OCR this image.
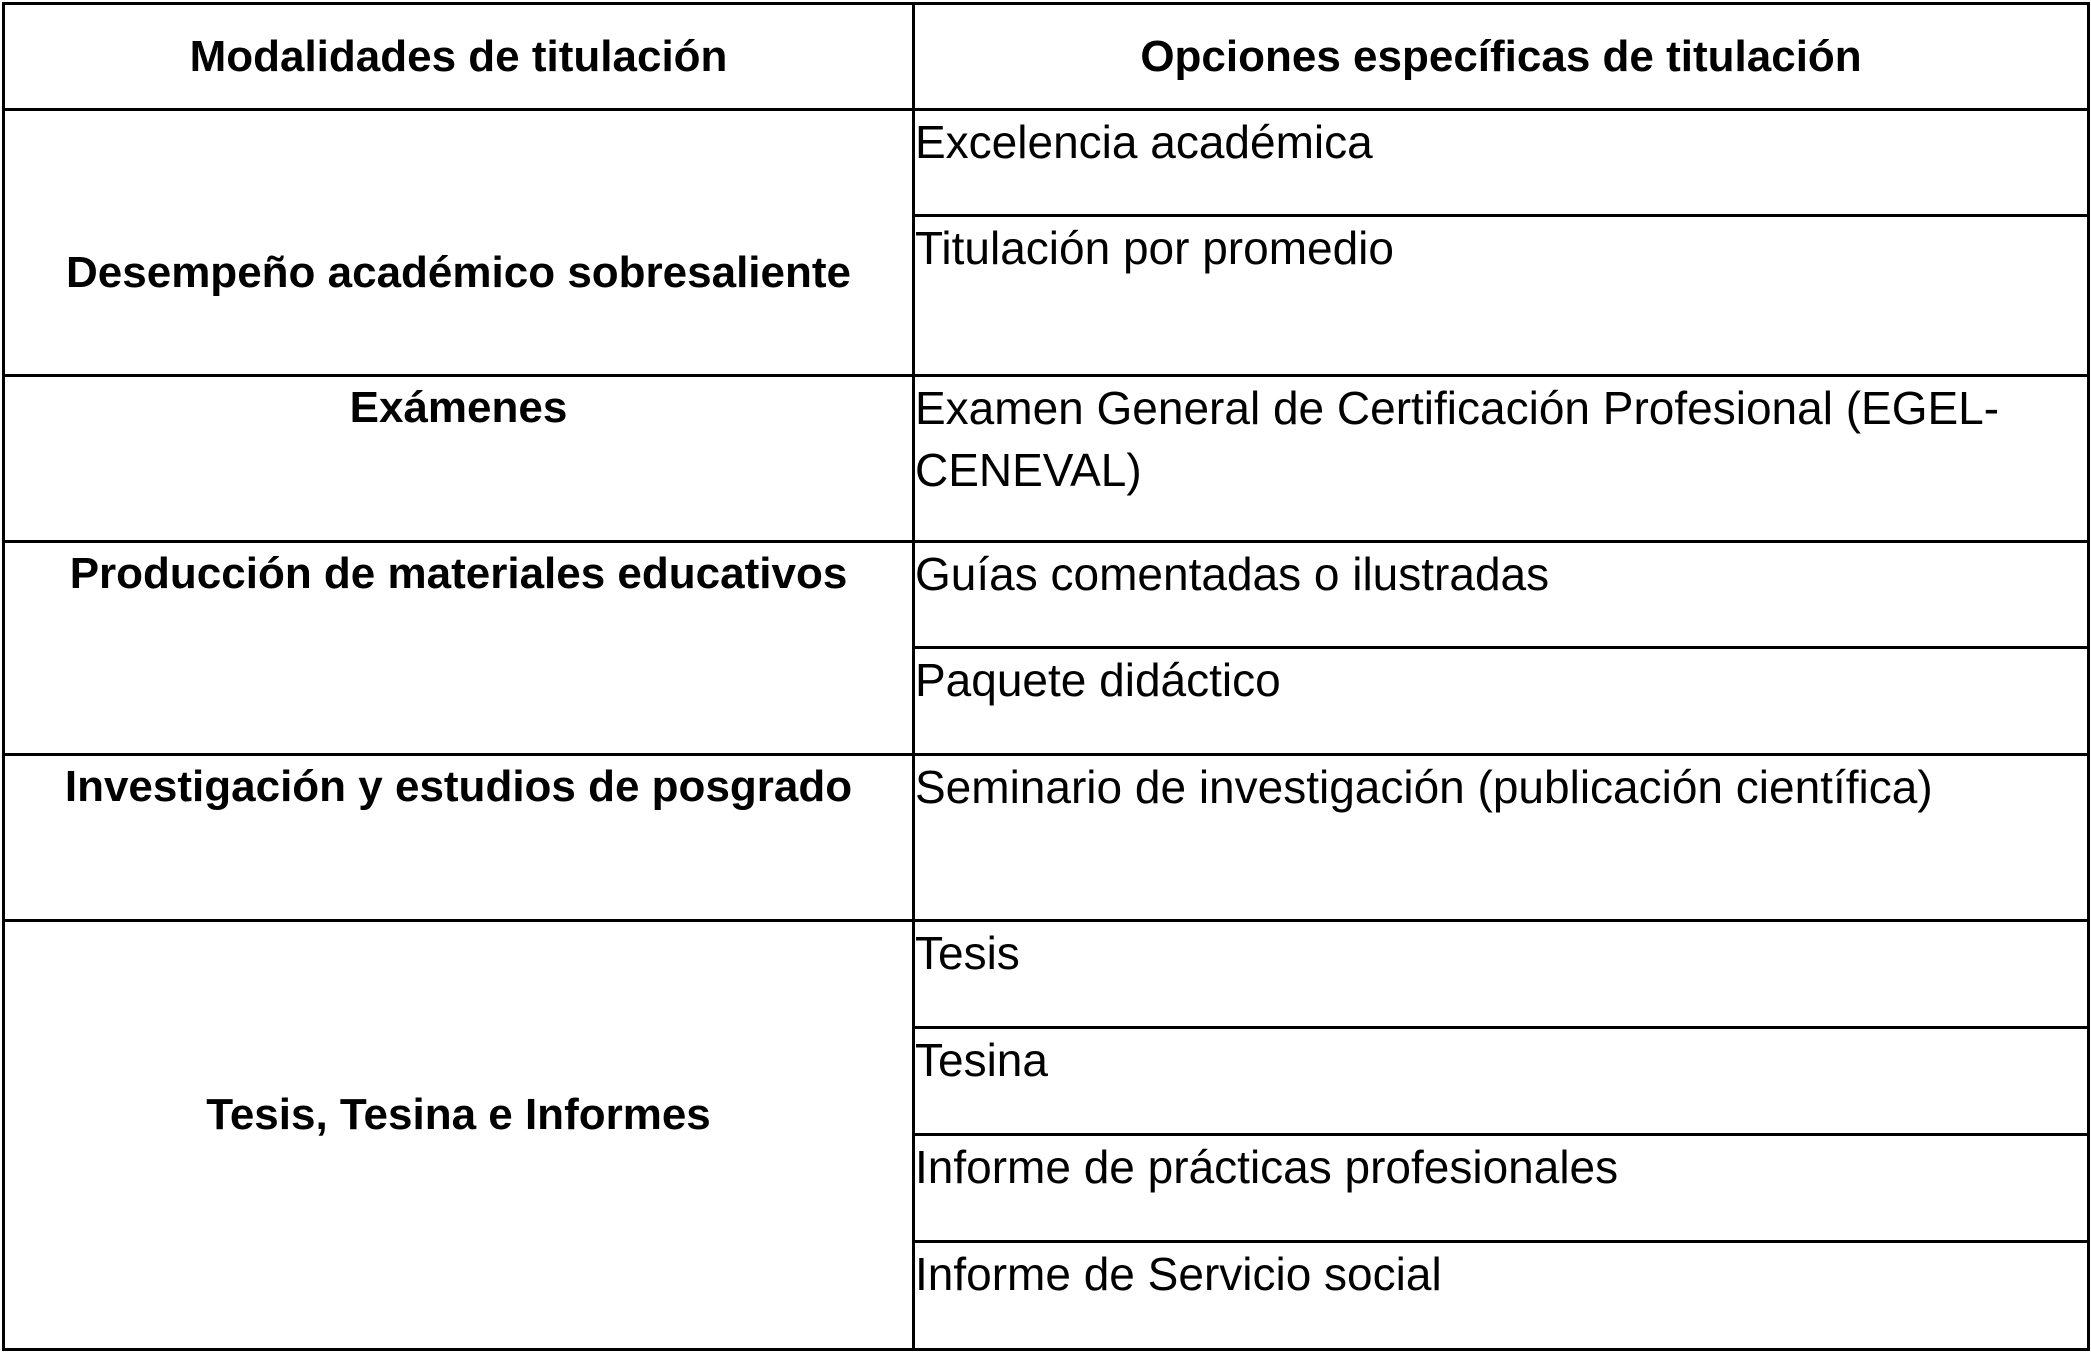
Modalidades de titulación	Opciones específicas de titulación
Desempeño académico sobresaliente	Excelencia académica
	Titulación por promedio
Exámenes	Examen General de Certificación Profesional (EGEL-CENEVAL)
Producción de materiales educativos	Guías comentadas o ilustradas
	Paquete didáctico
Investigación y estudios de posgrado	Seminario de investigación (publicación científica)
Tesis, Tesina e Informes	Tesis
	Tesina
	Informe de prácticas profesionales
	Informe de Servicio social
